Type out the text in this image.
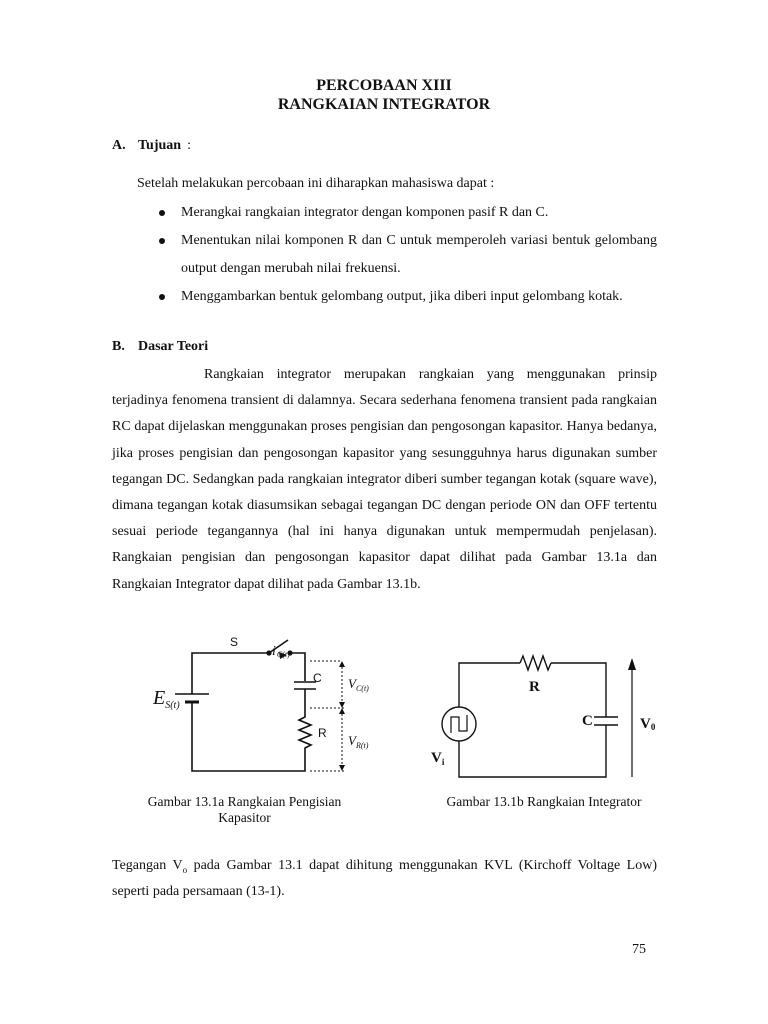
PERCOBAAN XIII
RANGKAIAN INTEGRATOR
A. Tujuan :
Setelah melakukan percobaan ini diharapkan mahasiswa dapat :
Merangkai rangkaian integrator dengan komponen pasif R dan C.
Menentukan nilai komponen R dan C untuk memperoleh variasi bentuk gelombang output dengan merubah nilai frekuensi.
Menggambarkan bentuk gelombang output, jika diberi input gelombang kotak.
B. Dasar Teori

Rangkaian integrator merupakan rangkaian yang menggunakan prinsip terjadinya fenomena transient di dalamnya. Secara sederhana fenomena transient pada rangkaian RC dapat dijelaskan menggunakan proses pengisian dan pengosongan kapasitor. Hanya bedanya, jika proses pengisian dan pengosongan kapasitor yang sesungguhnya harus digunakan sumber tegangan DC. Sedangkan pada rangkaian integrator diberi sumber tegangan kotak (square wave), dimana tegangan kotak diasumsikan sebagai tegangan DC dengan periode ON dan OFF tertentu sesuai periode tegangannya (hal ini hanya digunakan untuk mempermudah penjelasan). Rangkaian pengisian dan pengosongan kapasitor dapat dilihat pada Gambar 13.1a dan Rangkaian Integrator dapat dilihat pada Gambar 13.1b.

S
C
R
iC(t)
$E_{S(t)}$
$V_{C(t)}$
$V_{R(t)}$
R
C	V0
$V_i$
Gambar 13.1a Rangkaian Pengisian
Kapasitor
Gambar 13.1b Rangkaian Integrator

Tegangan $V_o$ pada Gambar 13.1 dapat dihitung menggunakan KVL (Kirchoff Voltage Low) seperti pada persamaan (13-1).

75
